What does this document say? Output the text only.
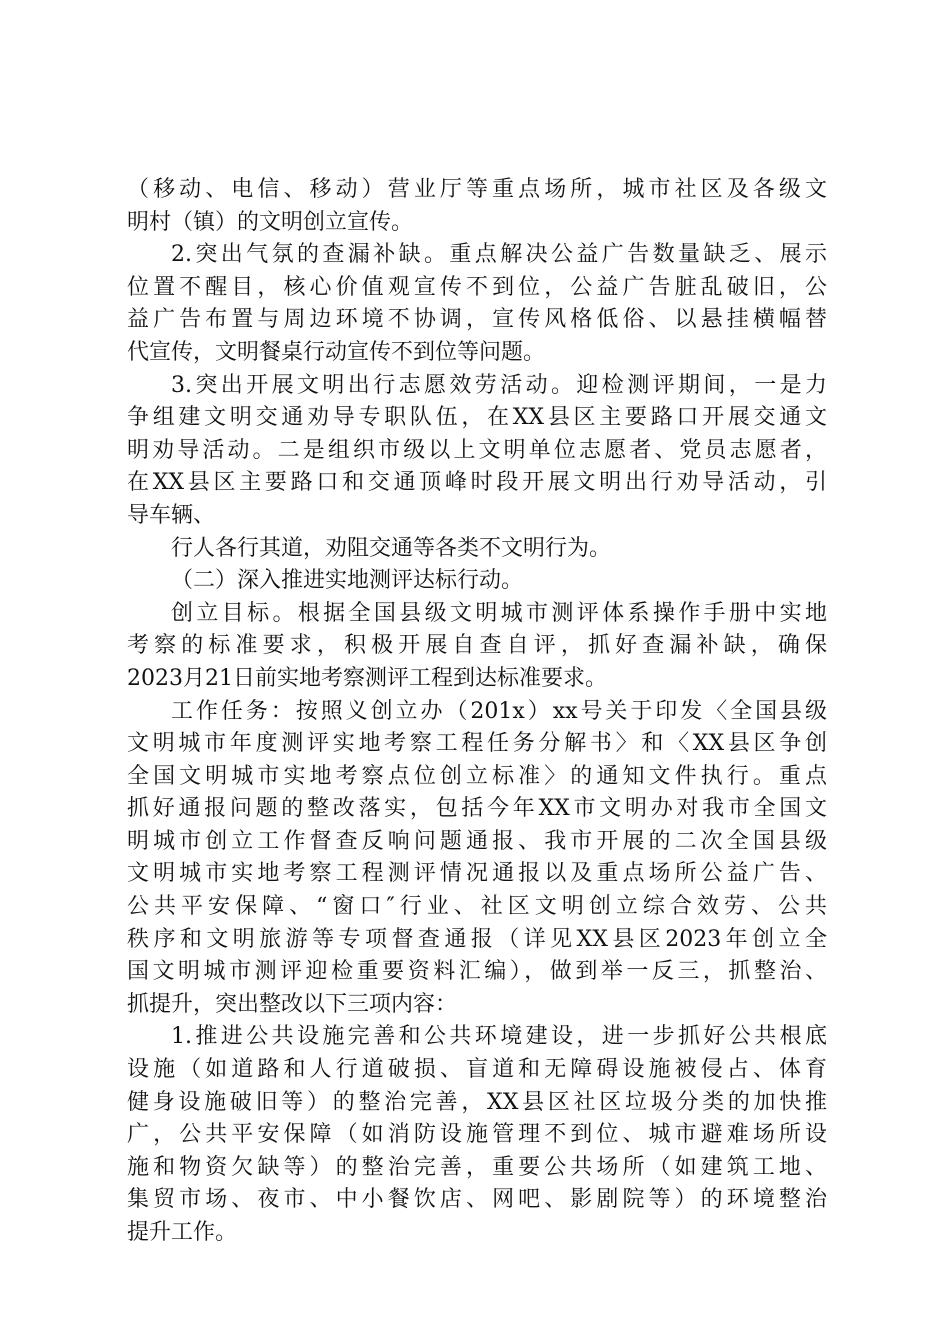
（移动、电信、移动）营业厅等重点场所，城市社区及各级文
明村（镇）的文明创立宣传。
2.突出气氛的查漏补缺。重点解决公益广告数量缺乏、展示
位置不醒目，核心价值观宣传不到位，公益广告脏乱破旧，公
益广告布置与周边环境不协调，宣传风格低俗、以悬挂横幅替
代宣传，文明餐桌行动宣传不到位等问题。
3.突出开展文明出行志愿效劳活动。迎检测评期间，一是力
争组建文明交通劝导专职队伍，在XX县区主要路口开展交通文
明劝导活动。二是组织市级以上文明单位志愿者、党员志愿者，
在XX县区主要路口和交通顶峰时段开展文明出行劝导活动，引
导车辆、
行人各行其道，劝阻交通等各类不文明行为。
（二）深入推进实地测评达标行动。
创立目标。根据全国县级文明城市测评体系操作手册中实地
考察的标准要求，积极开展自查自评，抓好查漏补缺，确保
2023月21日前实地考察测评工程到达标准要求。
工作任务：按照义创立办（201x）xx号关于印发〈全国县级
文明城市年度测评实地考察工程任务分解书〉和〈XX县区争创
全国文明城市实地考察点位创立标准〉的通知文件执行。重点
抓好通报问题的整改落实，包括今年XX市文明办对我市全国文
明城市创立工作督查反响问题通报、我市开展的二次全国县级
文明城市实地考察工程测评情况通报以及重点场所公益广告、
公共平安保障、“窗口″行业、社区文明创立综合效劳、公共
秩序和文明旅游等专项督查通报（详见XX县区2023年创立全
国文明城市测评迎检重要资料汇编），做到举一反三，抓整治、
抓提升，突出整改以下三项内容：
1.推进公共设施完善和公共环境建设，进一步抓好公共根底
设施（如道路和人行道破损、盲道和无障碍设施被侵占、体育
健身设施破旧等）的整治完善，XX县区社区垃圾分类的加快推
广，公共平安保障（如消防设施管理不到位、城市避难场所设
施和物资欠缺等）的整治完善，重要公共场所（如建筑工地、
集贸市场、夜市、中小餐饮店、网吧、影剧院等）的环境整治
提升工作。
